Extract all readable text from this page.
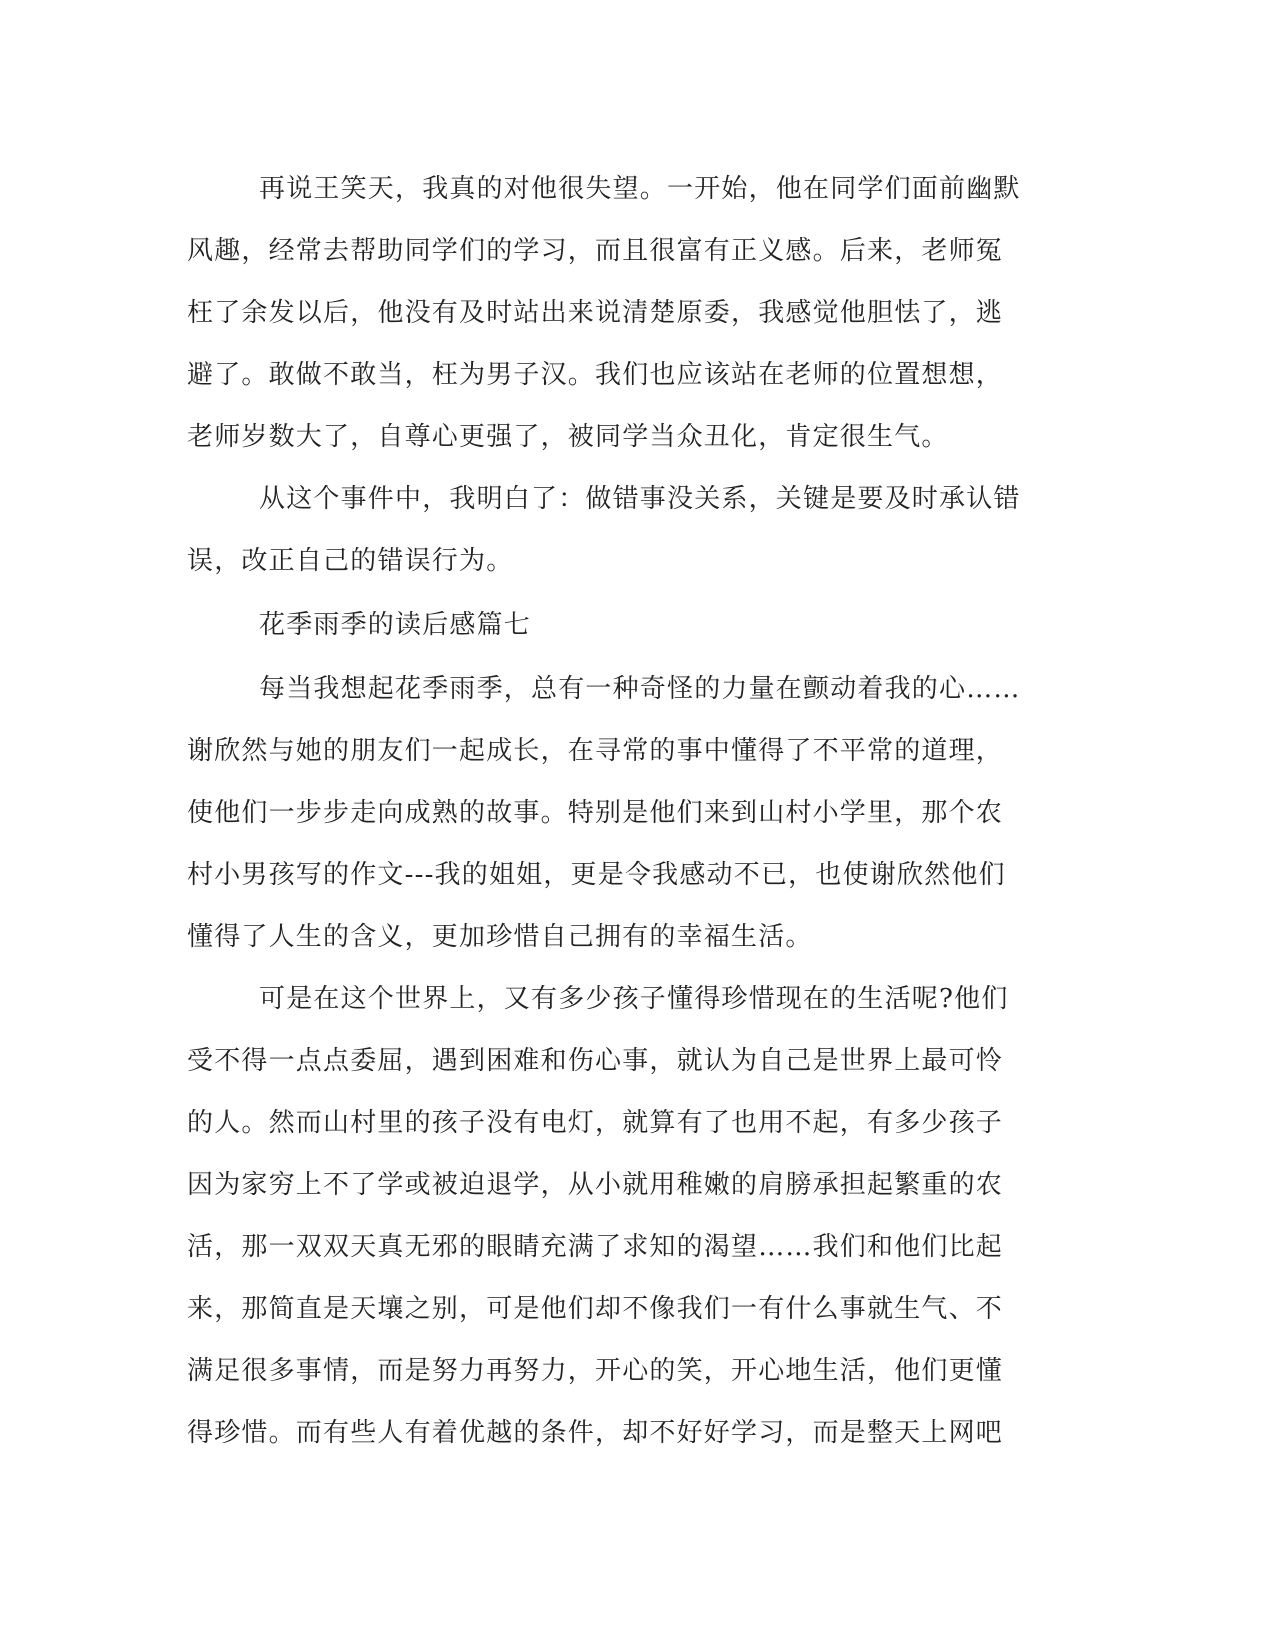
再说王笑天，我真的对他很失望。一开始，他在同学们面前幽默
风趣，经常去帮助同学们的学习，而且很富有正义感。后来，老师冤
枉了余发以后，他没有及时站出来说清楚原委，我感觉他胆怯了，逃
避了。敢做不敢当，枉为男子汉。我们也应该站在老师的位置想想，
老师岁数大了，自尊心更强了，被同学当众丑化，肯定很生气。
从这个事件中，我明白了：做错事没关系，关键是要及时承认错
误，改正自己的错误行为。
花季雨季的读后感篇七
每当我想起花季雨季，总有一种奇怪的力量在颤动着我的心……
谢欣然与她的朋友们一起成长，在寻常的事中懂得了不平常的道理，
使他们一步步走向成熟的故事。特别是他们来到山村小学里，那个农
村小男孩写的作文---我的姐姐，更是令我感动不已，也使谢欣然他们
懂得了人生的含义，更加珍惜自己拥有的幸福生活。
可是在这个世界上，又有多少孩子懂得珍惜现在的生活呢?他们
受不得一点点委屈，遇到困难和伤心事，就认为自己是世界上最可怜
的人。然而山村里的孩子没有电灯，就算有了也用不起，有多少孩子
因为家穷上不了学或被迫退学，从小就用稚嫩的肩膀承担起繁重的农
活，那一双双天真无邪的眼睛充满了求知的渴望……我们和他们比起
来，那简直是天壤之别，可是他们却不像我们一有什么事就生气、不
满足很多事情，而是努力再努力，开心的笑，开心地生活，他们更懂
得珍惜。而有些人有着优越的条件，却不好好学习，而是整天上网吧
